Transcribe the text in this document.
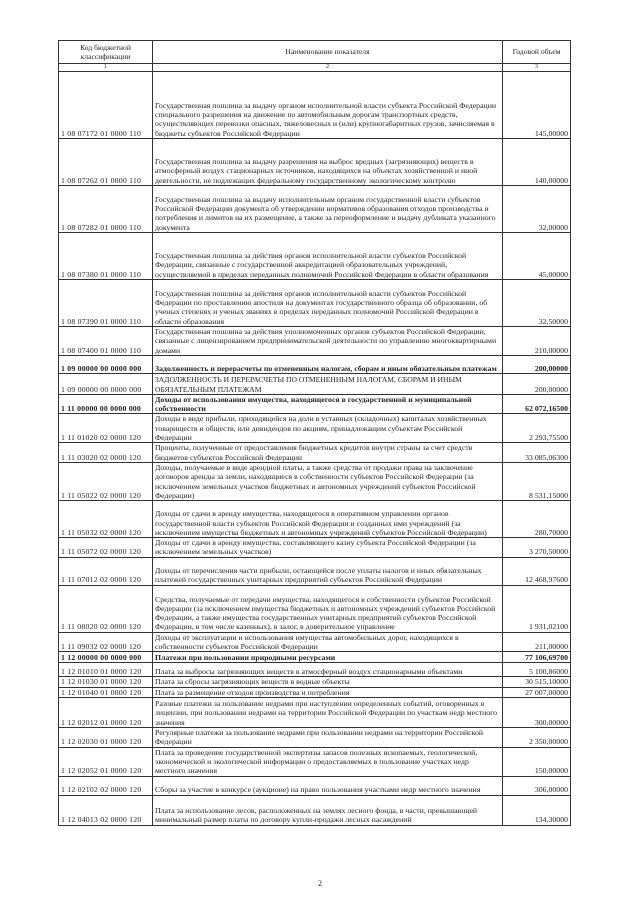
Код бюджетной классификации	Наименование показателя	Годовой объем
1	2	3
1 08 07172 01 0000 110	Государственная пошлина за выдачу органом исполнительной власти субъекта Российской Федерации специального разрешения на движение по автомобильным дорогам транспортных средств, осуществляющих перевозки опасных, тяжеловесных и (или) крупногабаритных грузов, зачисляемая в бюджеты субъектов Российской Федерации	145,00000
1 08 07262 01 0000 110	Государственная пошлина за выдачу разрешения на выброс вредных (загрязняющих) веществ в атмосферный воздух стационарных источников, находящихся на объектах хозяйственной и иной деятельности, не подлежащих федеральному государственному экологическому контролю	140,00000
1 08 07282 01 0000 110	Государственная пошлина за выдачу исполнительным органом государственной власти субъектов Российской Федерации документа об утверждении нормативов образования отходов производства и потребления и лимитов на их размещение, а также за переоформление и выдачу дубликата указанного документа	32,00000
1 08 07380 01 0000 110	Государственная пошлина за действия органов исполнительной власти субъектов Российской Федерации, связанные с государственной аккредитацией образовательных учреждений, осуществляемой в пределах переданных полномочий Российской Федерации в области образования	45,00000
1 08 07390 01 0000 110	Государственная пошлина за действия органов исполнительной власти субъектов Российской Федерации по проставлению апостиля на документах государственного образца об образовании, об ученых степенях и ученых званиях в пределах переданных полномочий Российской Федерации в области образования	32,50000
1 08 07400 01 0000 110	Государственная пошлина за действия уполномоченных органов субъектов Российской Федерации, связанные с лицензированием предпринимательской деятельности по управлению многоквартирными домами	210,00000
1 09 00000 00 0000 000	Задолженность и перерасчеты по отмененным налогам, сборам и иным обязательным платежам	200,00000
1 09 00000 00 0000 000	ЗАДОЛЖЕННОСТЬ И ПЕРЕРАСЧЕТЫ ПО ОТМЕНЕННЫМ НАЛОГАМ, СБОРАМ И ИНЫМ ОБЯЗАТЕЛЬНЫМ ПЛАТЕЖАМ	200,00000
1 11 00000 00 0000 000	Доходы от использования имущества, находящегося в государственной и муниципальной собственности	62 072,16500
1 11 01020 02 0000 120	Доходы в виде прибыли, приходящейся на доли в уставных (складочных) капиталах хозяйственных товариществ и обществ, или дивидендов по акциям, принадлежащим субъектам Российской Федерации	2 293,75500
1 11 03020 02 0000 120	Проценты, полученные от предоставления бюджетных кредитов внутри страны за счет средств бюджетов субъектов Российской Федерации	33 085,06300
1 11 05022 02 0000 120	Доходы, получаемые в виде арендной платы, а также средства от продажи права на заключение договоров аренды за земли, находящиеся в собственности субъектов Российской Федерации (за исключением земельных участков бюджетных и автономных учреждений субъектов Российской Федерации)	8 531,15000
1 11 05032 02 0000 120	Доходы от сдачи в аренду имущества, находящегося в оперативном управлении органов государственной власти субъектов Российской Федерации и созданных ими учреждений (за исключением имущества бюджетных и автономных учреждений субъектов Российской Федерации)	280,70000
1 11 05072 02 0000 120	Доходы от сдачи в аренду имущества, составляющего казну субъекта Российской Федерации (за исключением земельных участков)	3 270,50000
1 11 07012 02 0000 120	Доходы от перечисления части прибыли, остающейся после уплаты налогов и иных обязательных платежей государственных унитарных предприятий субъектов Российской Федерации	12 468,97600
1 11 08020 02 0000 120	Средства, получаемые от передачи имущества, находящегося в собственности субъектов Российской Федерации (за исключением имущества бюджетных и автономных учреждений субъектов Российской Федерации, а также имущества государственных унитарных предприятий субъектов Российской Федерации, в том числе казенных), в залог, в доверительное управление	1 931,02100
1 11 09032 02 0000 120	Доходы от эксплуатации и использования имущества автомобильных дорог, находящихся в собственности субъектов Российской Федерации	211,00000
1 12 00000 00 0000 000	Платежи при пользовании природными ресурсами	77 106,69700
1 12 01010 01 0000 120	Плата за выбросы загрязняющих веществ в атмосферный воздух стационарными объектами	5 100,86000
1 12 01030 01 0000 120	Плата за сбросы загрязняющих веществ в водные объекты	30 515,10000
1 12 01040 01 0000 120	Плата за размещение отходов производства и потребления	27 007,00000
1 12 02012 01 0000 120	Разовые платежи за пользование недрами при наступлении определенных событий, оговоренных в лицензии, при пользовании недрами на территории Российской Федерации по участкам недр местного значения	300,00000
1 12 02030 01 0000 120	Регулярные платежи за пользование недрами при пользовании недрами на территории Российской Федерации	2 350,00000
1 12 02052 01 0000 120	Плата за проведение государственной экспертизы запасов полезных ископаемых, геологической, экономической и экологической информации о предоставляемых в пользование участках недр местного значения	150,00000
1 12 02102 02 0000 120	Сборы за участие в конкурсе (аукционе) на право пользования участками недр местного значения	306,00000
1 12 04013 02 0000 120	Плата за использование лесов, расположенных на землях лесного фонда, в части, превышающей минимальный размер платы по договору купли-продажи лесных насаждений	134,30000
2
